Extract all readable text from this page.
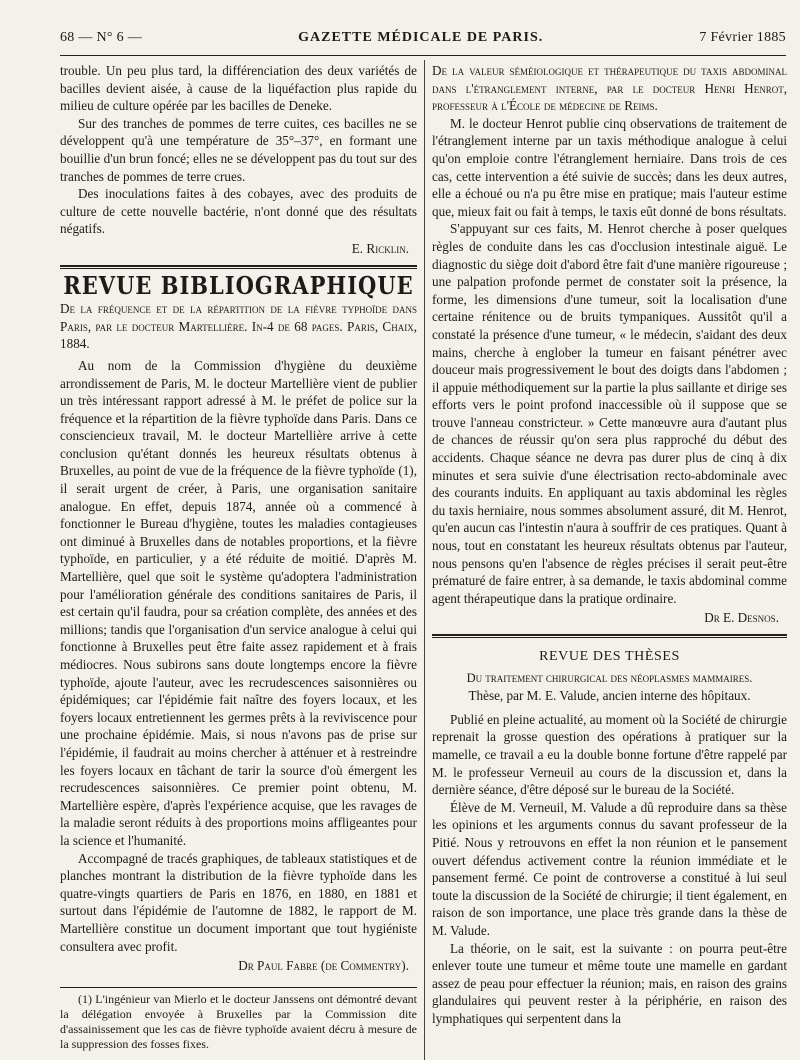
68 — N° 6 —	GAZETTE MÉDICALE DE PARIS.	7 Février 1885

trouble. Un peu plus tard, la différenciation des deux variétés de bacilles devient aisée, à cause de la liquéfaction plus rapide du milieu de culture opérée par les bacilles de Deneke.

Sur des tranches de pommes de terre cuites, ces bacilles ne se développent qu'à une température de 35°–37°, en formant une bouillie d'un brun foncé; elles ne se développent pas du tout sur des tranches de pommes de terre crues.

Des inoculations faites à des cobayes, avec des produits de culture de cette nouvelle bactérie, n'ont donné que des résultats négatifs.

E. Ricklin.
REVUE BIBLIOGRAPHIQUE

De la fréquence et de la répartition de la fièvre typhoïde dans Paris, par le docteur Martellière. In-4 de 68 pages. Paris, Chaix, 1884.

Au nom de la Commission d'hygiène du deuxième arrondissement de Paris, M. le docteur Martellière vient de publier un très intéressant rapport adressé à M. le préfet de police sur la fréquence et la répartition de la fièvre typhoïde dans Paris. Dans ce consciencieux travail, M. le docteur Martellière arrive à cette conclusion qu'étant donnés les heureux résultats obtenus à Bruxelles, au point de vue de la fréquence de la fièvre typhoïde (1), il serait urgent de créer, à Paris, une organisation sanitaire analogue. En effet, depuis 1874, année où a commencé à fonctionner le Bureau d'hygiène, toutes les maladies contagieuses ont diminué à Bruxelles dans de notables proportions, et la fièvre typhoïde, en particulier, y a été réduite de moitié. D'après M. Martellière, quel que soit le système qu'adoptera l'administration pour l'amélioration générale des conditions sanitaires de Paris, il est certain qu'il faudra, pour sa création complète, des années et des millions; tandis que l'organisation d'un service analogue à celui qui fonctionne à Bruxelles peut être faite assez rapidement et à frais médiocres. Nous subirons sans doute longtemps encore la fièvre typhoïde, ajoute l'auteur, avec les recrudescences saisonnières ou épidémiques; car l'épidémie fait naître des foyers locaux, et les foyers locaux entretiennent les germes prêts à la reviviscence pour une prochaine épidémie. Mais, si nous n'avons pas de prise sur l'épidémie, il faudrait au moins chercher à atténuer et à restreindre les foyers locaux en tâchant de tarir la source d'où émergent les recrudescences saisonnières. Ce premier point obtenu, M. Martellière espère, d'après l'expérience acquise, que les ravages de la maladie seront réduits à des proportions moins affligeantes pour la science et l'humanité.

Accompagné de tracés graphiques, de tableaux statistiques et de planches montrant la distribution de la fièvre typhoïde dans les quatre-vingts quartiers de Paris en 1876, en 1880, en 1881 et surtout dans l'épidémie de l'automne de 1882, le rapport de M. Martellière constitue un document important que tout hygiéniste consultera avec profit.

Dr Paul Fabre (de Commentry).

(1) L'ingénieur van Mierlo et le docteur Janssens ont démontré devant la délégation envoyée à Bruxelles par la Commission dite d'assainissement que les cas de fièvre typhoïde avaient décru à mesure de la suppression des fosses fixes.

De la valeur séméiologique et thérapeutique du taxis abdominal dans l'étranglement interne, par le docteur Henri Henrot, professeur à l'École de médecine de Reims.

M. le docteur Henrot publie cinq observations de traitement de l'étranglement interne par un taxis méthodique analogue à celui qu'on emploie contre l'étranglement herniaire. Dans trois de ces cas, cette intervention a été suivie de succès; dans les deux autres, elle a échoué ou n'a pu être mise en pratique; mais l'auteur estime que, mieux fait ou fait à temps, le taxis eût donné de bons résultats.

S'appuyant sur ces faits, M. Henrot cherche à poser quelques règles de conduite dans les cas d'occlusion intestinale aiguë. Le diagnostic du siège doit d'abord être fait d'une manière rigoureuse ; une palpation profonde permet de constater soit la présence, la forme, les dimensions d'une tumeur, soit la localisation d'une certaine rénitence ou de bruits tympaniques. Aussitôt qu'il a constaté la présence d'une tumeur, « le médecin, s'aidant des deux mains, cherche à englober la tumeur en faisant pénétrer avec douceur mais progressivement le bout des doigts dans l'abdomen ; il appuie méthodiquement sur la partie la plus saillante et dirige ses efforts vers le point profond inaccessible où il suppose que se trouve l'anneau constricteur. » Cette manœuvre aura d'autant plus de chances de réussir qu'on sera plus rapproché du début des accidents. Chaque séance ne devra pas durer plus de cinq à dix minutes et sera suivie d'une électrisation recto-abdominale avec des courants induits. En appliquant au taxis abdominal les règles du taxis herniaire, nous sommes absolument assuré, dit M. Henrot, qu'en aucun cas l'intestin n'aura à souffrir de ces pratiques. Quant à nous, tout en constatant les heureux résultats obtenus par l'auteur, nous pensons qu'en l'absence de règles précises il serait peut-être prématuré de faire entrer, à sa demande, le taxis abdominal comme agent thérapeutique dans la pratique ordinaire.

Dr E. Desnos.
REVUE DES THÈSES

Du traitement chirurgical des néoplasmes mammaires.

Thèse, par M. E. Valude, ancien interne des hôpitaux.

Publié en pleine actualité, au moment où la Société de chirurgie reprenait la grosse question des opérations à pratiquer sur la mamelle, ce travail a eu la double bonne fortune d'être rappelé par M. le professeur Verneuil au cours de la discussion et, dans la dernière séance, d'être déposé sur le bureau de la Société.

Élève de M. Verneuil, M. Valude a dû reproduire dans sa thèse les opinions et les arguments connus du savant professeur de la Pitié. Nous y retrouvons en effet la non réunion et le pansement ouvert défendus activement contre la réunion immédiate et le pansement fermé. Ce point de controverse a constitué à lui seul toute la discussion de la Société de chirurgie; il tient également, en raison de son importance, une place très grande dans la thèse de M. Valude.

La théorie, on le sait, est la suivante : on pourra peut-être enlever toute une tumeur et même toute une mamelle en gardant assez de peau pour effectuer la réunion; mais, en raison des grains glandulaires qui peuvent rester à la périphérie, en raison des lymphatiques qui serpentent dans la
